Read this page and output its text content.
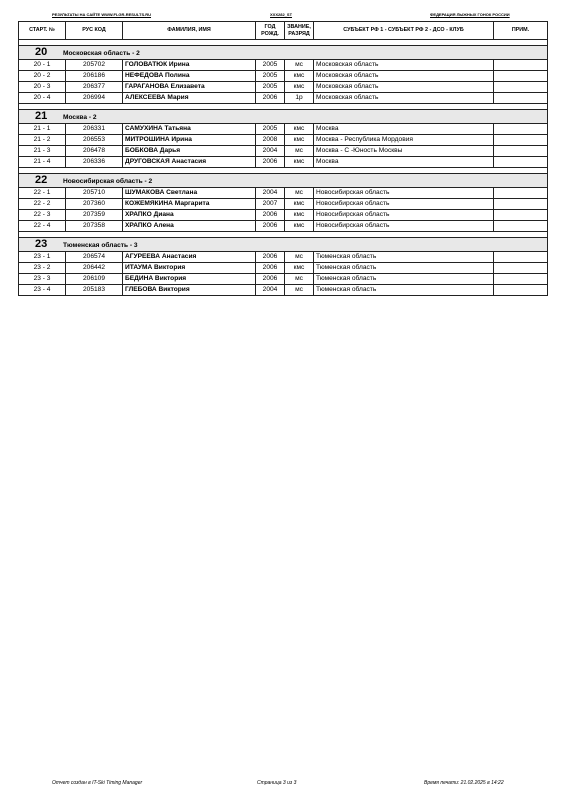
РЕЗУЛЬТАТЫ НА САЙТЕ WWW.FLGR-RESULTS.RU	XXX282_ST	ФЕДЕРАЦИЯ ЛЫЖНЫХ ГОНОК РОССИИ
СТАРТ. №	РУС КОД	ФАМИЛИЯ, ИМЯ	ГОД РОЖД.	ЗВАНИЕ, РАЗРЯД	СУБЪЕКТ РФ 1 - СУБЪЕКТ РФ 2 - ДСО - КЛУБ	ПРИМ.

20 Московская область - 2						
20 - 1	205702	ГОЛОВАТЮК Ирина	2005	мс	Московская область	
20 - 2	206186	НЕФЕДОВА Полина	2005	кмс	Московская область	
20 - 3	206377	ГАРАГАНОВА Елизавета	2005	кмс	Московская область	
20 - 4	206994	АЛЕКСЕЕВА Мария	2006	1р	Московская область	

21 Москва - 2						
21 - 1	206331	САМУХИНА Татьяна	2005	кмс	Москва	
21 - 2	206553	МИТРОШИНА Ирина	2008	кмс	Москва - Республика Мордовия	
21 - 3	206478	БОБКОВА Дарья	2004	мс	Москва - С -Юность Москвы	
21 - 4	206336	ДРУГОВСКАЯ Анастасия	2006	кмс	Москва	

22 Новосибирская область - 2						
22 - 1	205710	ШУМАКОВА Светлана	2004	мс	Новосибирская область	
22 - 2	207360	КОЖЕМЯКИНА Маргарита	2007	кмс	Новосибирская область	
22 - 3	207359	ХРАПКО Диана	2006	кмс	Новосибирская область	
22 - 4	207358	ХРАПКО Алена	2006	кмс	Новосибирская область	

23 Тюменская область - 3						
23 - 1	206574	АГУРЕЕВА Анастасия	2006	мс	Тюменская область	
23 - 2	206442	ИТАУМА Виктория	2006	кмс	Тюменская область	
23 - 3	206109	БЕДИНА Виктория	2006	мс	Тюменская область	
23 - 4	205183	ГЛЕБОВА Виктория	2004	мс	Тюменская область	
Отчет создан в IT-Ski Timing Manager	Страница 3 из 3	Время печати: 21.02.2025 в 14:22
